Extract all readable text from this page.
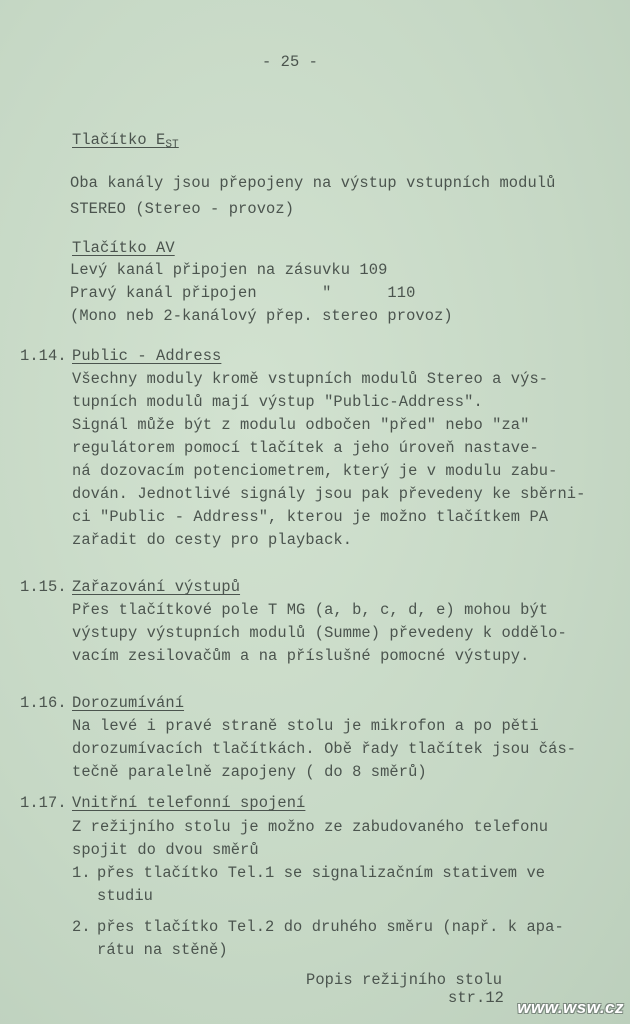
- 25 -
Tlačítko $E_{ST}$
Oba kanály jsou přepojeny na výstup vstupních modulů
STEREO (Stereo - provoz)
Tlačítko AV
Levý kanál připojen na zásuvku 109
Pravý kanál připojen       "      110
(Mono neb 2-kanálový přep. stereo provoz)
1.14. Public - Address
Všechny moduly kromě vstupních modulů Stereo a výs-
tupních modulů mají výstup "Public-Address".
Signál může být z modulu odbočen "před" nebo "za"
regulátorem pomocí tlačítek a jeho úroveň nastave-
ná dozovacím potenciometrem, který je v modulu zabu-
dován. Jednotlivé signály jsou pak převedeny ke sběrni-
ci "Public - Address", kterou je možno tlačítkem PA
zařadit do cesty pro playback.
1.15. Zařazování výstupů
Přes tlačítkové pole T MG (a, b, c, d, e) mohou být
výstupy výstupních modulů (Summe) převedeny k oddělo-
vacím zesilovačům a na příslušné pomocné výstupy.
1.16. Dorozumívání
Na levé i pravé straně stolu je mikrofon a po pěti
dorozumívacích tlačítkách. Obě řady tlačítek jsou čás-
tečně paralelně zapojeny ( do 8 směrů)
1.17. Vnitřní telefonní spojení
Z režijního stolu je možno ze zabudovaného telefonu
spojit do dvou směrů
1. přes tlačítko Tel.1 se signalizačním stativem ve
studiu
2. přes tlačítko Tel.2 do druhého směru (např. k apa-
rátu na stěně)
Popis režijního stolu
str.12 www.wsw.cz
